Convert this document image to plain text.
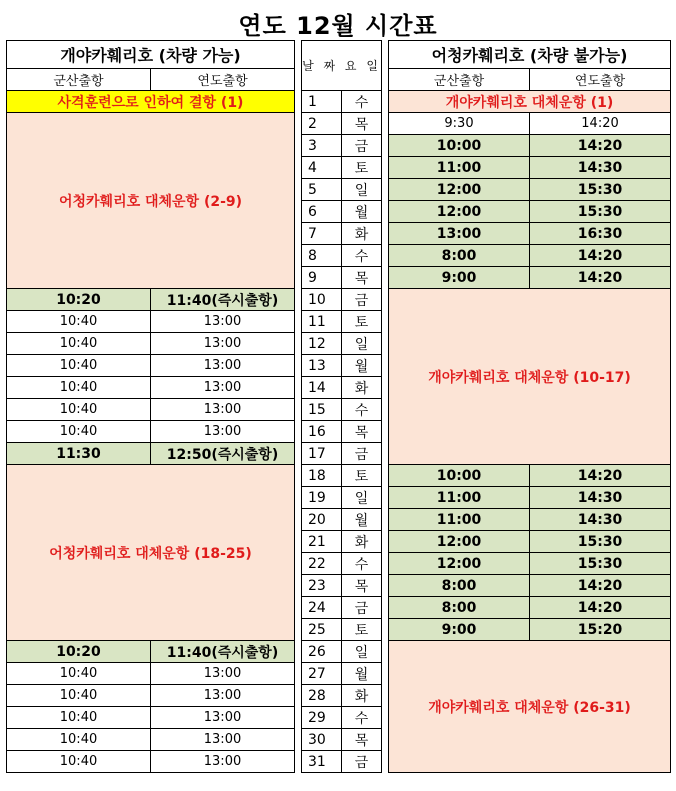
연도 12월 시간표
개야카훼리호 (차량 가능)			날 짜 요 일			어청카훼리호 (차량 불가능)	
군산출항	연도출항					군산출항	연도출항
사격훈련으로 인하여 결항 (1)			1	수		개야카훼리호 대체운항 (1)	
어청카훼리호 대체운항 (2-9)			2	목		9:30	14:20
			3	금		10:00	14:20
			4	토		11:00	14:30
			5	일		12:00	15:30
			6	월		12:00	15:30
			7	화		13:00	16:30
			8	수		8:00	14:20
			9	목		9:00	14:20
10:20	11:40(즉시출항)		10	금		개야카훼리호 대체운항 (10-17)	
10:40	13:00		11	토			
10:40	13:00		12	일			
10:40	13:00		13	월			
10:40	13:00		14	화			
10:40	13:00		15	수			
10:40	13:00		16	목			
11:30	12:50(즉시출항)		17	금			
어청카훼리호 대체운항 (18-25)			18	토		10:00	14:20
			19	일		11:00	14:30
			20	월		11:00	14:30
			21	화		12:00	15:30
			22	수		12:00	15:30
			23	목		8:00	14:20
			24	금		8:00	14:20
			25	토		9:00	15:20
10:20	11:40(즉시출항)		26	일		개야카훼리호 대체운항 (26-31)	
10:40	13:00		27	월			
10:40	13:00		28	화			
10:40	13:00		29	수			
10:40	13:00		30	목			
10:40	13:00		31	금			
